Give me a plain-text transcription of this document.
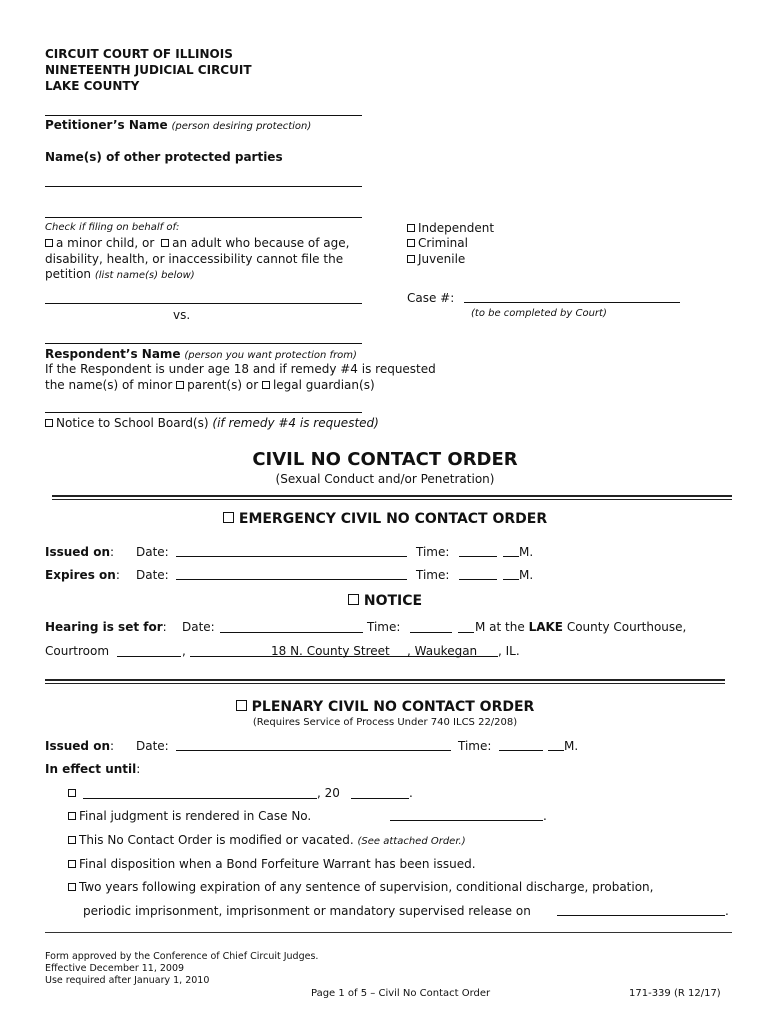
CIRCUIT COURT OF ILLINOIS
NINETEENTH JUDICIAL CIRCUIT
LAKE COUNTY
Petitioner’s Name (person desiring protection)
Name(s) of other protected parties
Check if filing on behalf of:
a minor child, or an adult who because of age,
disability, health, or inaccessibility cannot file the
petition (list name(s) below)
Independent
Criminal
Juvenile
Case #:
(to be completed by Court)
vs.
Respondent’s Name (person you want protection from)
If the Respondent is under age 18 and if remedy #4 is requested
the name(s) of minor parent(s) or legal guardian(s)
Notice to School Board(s) (if remedy #4 is requested)
CIVIL NO CONTACT ORDER
(Sexual Conduct and/or Penetration)
EMERGENCY CIVIL NO CONTACT ORDER
Issued on: Date:	Time:	M.
Expires on: Date:	Time:	M.
NOTICE
Hearing is set for: Date:	Time:	M at the LAKE County Courthouse,
Courtroom	,	18 N. County Street , Waukegan , IL.
PLENARY CIVIL NO CONTACT ORDER
(Requires Service of Process Under 740 ILCS 22/208)
Issued on: Date:	Time:	M.
In effect until:
, 20	.
Final judgment is rendered in Case No.	.
This No Contact Order is modified or vacated. (See attached Order.)
Final disposition when a Bond Forfeiture Warrant has been issued.
Two years following expiration of any sentence of supervision, conditional discharge, probation,
periodic imprisonment, imprisonment or mandatory supervised release on	.
Form approved by the Conference of Chief Circuit Judges.
Effective December 11, 2009
Use required after January 1, 2010
Page 1 of 5 – Civil No Contact Order	171-339 (R 12/17)
